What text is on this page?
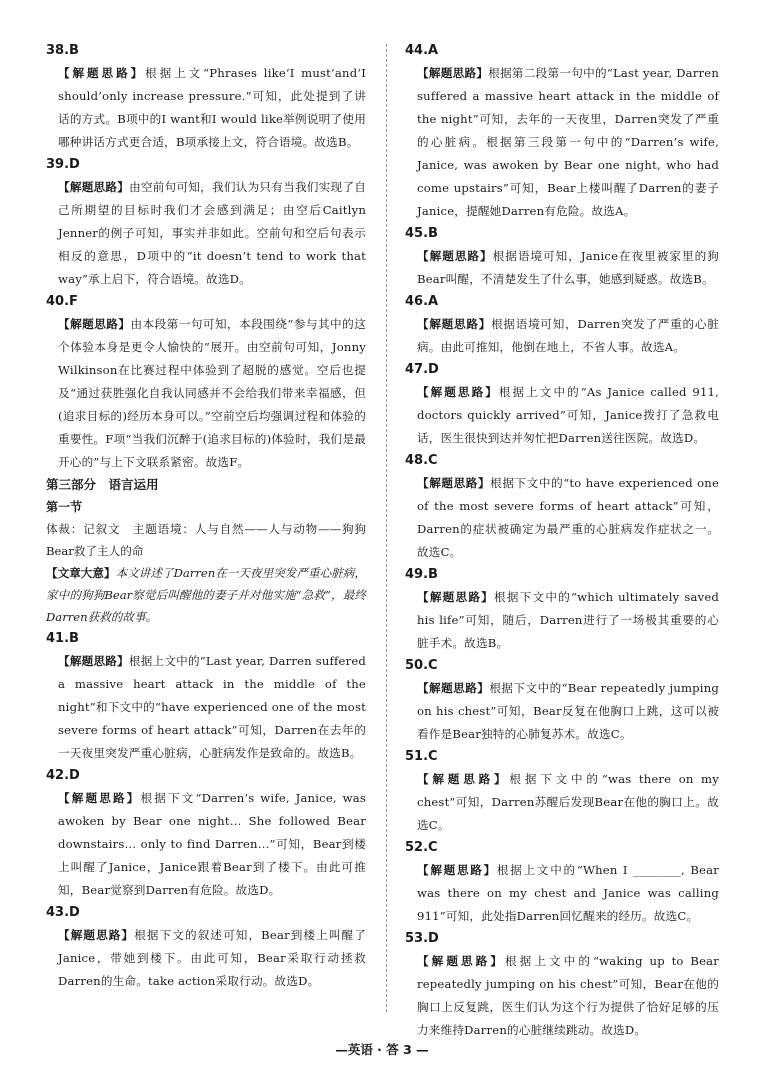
38.B
【解题思路】根据上文“Phrases like‘I must’and‘I should’only increase pressure.”可知，此处提到了讲话的方式。B项中的I want和I would like举例说明了使用哪种讲话方式更合适，B项承接上文，符合语境。故选B。
39.D
【解题思路】由空前句可知，我们认为只有当我们实现了自己所期望的目标时我们才会感到满足；由空后Caitlyn Jenner的例子可知，事实并非如此。空前句和空后句表示相反的意思，D项中的“it doesn’t tend to work that way”承上启下，符合语境。故选D。
40.F
【解题思路】由本段第一句可知，本段围绕“参与其中的这个体验本身是更令人愉快的”展开。由空前句可知，Jonny Wilkinson在比赛过程中体验到了超脱的感觉。空后也提及“通过获胜强化自我认同感并不会给我们带来幸福感，但(追求目标的)经历本身可以。”空前空后均强调过程和体验的重要性。F项“当我们沉醉于(追求目标的)体验时，我们是最开心的”与上下文联系紧密。故选F。
第三部分　语言运用
第一节
体裁：记叙文　主题语境：人与自然——人与动物——狗狗Bear救了主人的命
【文章大意】本文讲述了Darren在一天夜里突发严重心脏病，家中的狗狗Bear察觉后叫醒他的妻子并对他实施“急救”，最终Darren获救的故事。
41.B
【解题思路】根据上文中的“Last year, Darren suffered a massive heart attack in the middle of the night”和下文中的“have experienced one of the most severe forms of heart attack”可知，Darren在去年的一天夜里突发严重心脏病，心脏病发作是致命的。故选B。
42.D
【解题思路】根据下文“Darren’s wife, Janice, was awoken by Bear one night… She followed Bear downstairs… only to find Darren…”可知，Bear到楼上叫醒了Janice，Janice跟着Bear到了楼下。由此可推知，Bear觉察到Darren有危险。故选D。
43.D
【解题思路】根据下文的叙述可知，Bear到楼上叫醒了Janice，带她到楼下。由此可知，Bear采取行动拯救Darren的生命。take action采取行动。故选D。
44.A
【解题思路】根据第二段第一句中的“Last year, Darren suffered a massive heart attack in the middle of the night”可知，去年的一天夜里，Darren突发了严重的心脏病。根据第三段第一句中的“Darren’s wife, Janice, was awoken by Bear one night, who had come upstairs”可知，Bear上楼叫醒了Darren的妻子Janice，提醒她Darren有危险。故选A。
45.B
【解题思路】根据语境可知，Janice在夜里被家里的狗Bear叫醒，不清楚发生了什么事，她感到疑惑。故选B。
46.A
【解题思路】根据语境可知，Darren突发了严重的心脏病。由此可推知，他倒在地上，不省人事。故选A。
47.D
【解题思路】根据上文中的“As Janice called 911, doctors quickly arrived”可知，Janice拨打了急救电话，医生很快到达并匆忙把Darren送往医院。故选D。
48.C
【解题思路】根据下文中的“to have experienced one of the most severe forms of heart attack”可知，Darren的症状被确定为最严重的心脏病发作症状之一。故选C。
49.B
【解题思路】根据下文中的“which ultimately saved his life”可知，随后，Darren进行了一场极其重要的心脏手术。故选B。
50.C
【解题思路】根据下文中的“Bear repeatedly jumping on his chest”可知，Bear反复在他胸口上跳，这可以被看作是Bear独特的心肺复苏术。故选C。
51.C
【解题思路】根据下文中的“was there on my chest”可知，Darren苏醒后发现Bear在他的胸口上。故选C。
52.C
【解题思路】根据上文中的“When I ________, Bear was there on my chest and Janice was calling 911”可知，此处指Darren回忆醒来的经历。故选C。
53.D
【解题思路】根据上文中的“waking up to Bear repeatedly jumping on his chest”可知，Bear在他的胸口上反复跳，医生们认为这个行为提供了恰好足够的压力来维持Darren的心脏继续跳动。故选D。
—英语 · 答 3 —
